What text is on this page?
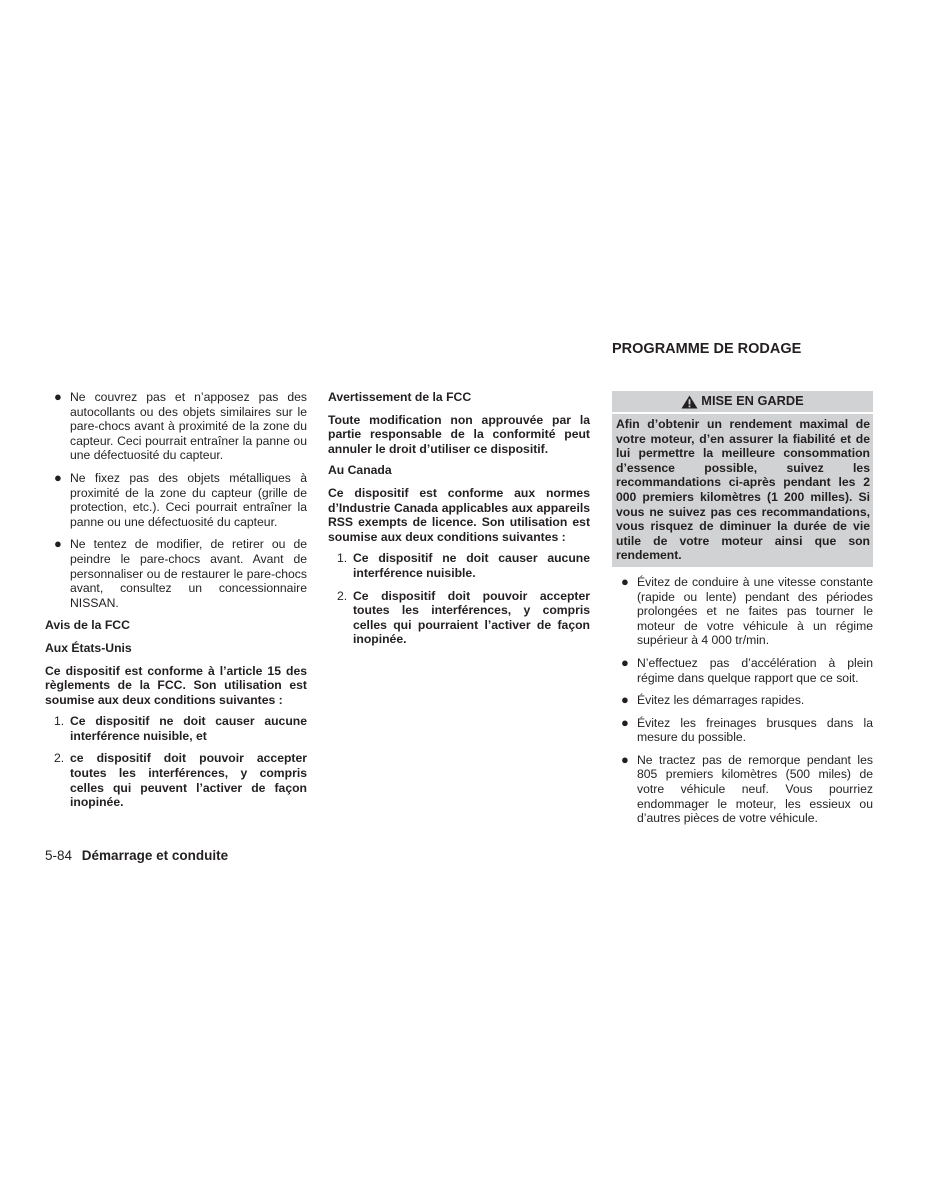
● Ne couvrez pas et n’apposez pas des autocollants ou des objets similaires sur le pare-chocs avant à proximité de la zone du capteur. Ceci pourrait entraîner la panne ou une défectuosité du capteur.
● Ne fixez pas des objets métalliques à proximité de la zone du capteur (grille de protection, etc.). Ceci pourrait entraîner la panne ou une défectuosité du capteur.
● Ne tentez de modifier, de retirer ou de peindre le pare-chocs avant. Avant de personnaliser ou de restaurer le pare-chocs avant, consultez un concessionnaire NISSAN.

Avis de la FCC

Aux États-Unis

Ce dispositif est conforme à l’article 15 des règlements de la FCC. Son utilisation est soumise aux deux conditions suivantes :

1. Ce dispositif ne doit causer aucune interférence nuisible, et
2. ce dispositif doit pouvoir accepter toutes les interférences, y compris celles qui peuvent l’activer de façon inopinée.

Avertissement de la FCC

Toute modification non approuvée par la partie responsable de la conformité peut annuler le droit d’utiliser ce dispositif.

Au Canada

Ce dispositif est conforme aux normes d’Industrie Canada applicables aux appareils RSS exempts de licence. Son utilisation est soumise aux deux conditions suivantes :

1. Ce dispositif ne doit causer aucune interférence nuisible.
2. Ce dispositif doit pouvoir accepter toutes les interférences, y compris celles qui pourraient l’activer de façon inopinée.

PROGRAMME DE RODAGE

MISE EN GARDE
Afin d’obtenir un rendement maximal de votre moteur, d’en assurer la fiabilité et de lui permettre la meilleure consommation d’essence possible, suivez les recommandations ci-après pendant les 2 000 premiers kilomètres (1 200 milles). Si vous ne suivez pas ces recommandations, vous risquez de diminuer la durée de vie utile de votre moteur ainsi que son rendement.
● Évitez de conduire à une vitesse constante (rapide ou lente) pendant des périodes prolongées et ne faites pas tourner le moteur de votre véhicule à un régime supérieur à 4 000 tr/min.
● N’effectuez pas d’accélération à plein régime dans quelque rapport que ce soit.
● Évitez les démarrages rapides.
● Évitez les freinages brusques dans la mesure du possible.
● Ne tractez pas de remorque pendant les 805 premiers kilomètres (500 miles) de votre véhicule neuf. Vous pourriez endommager le moteur, les essieux ou d’autres pièces de votre véhicule.
5-84 Démarrage et conduite
